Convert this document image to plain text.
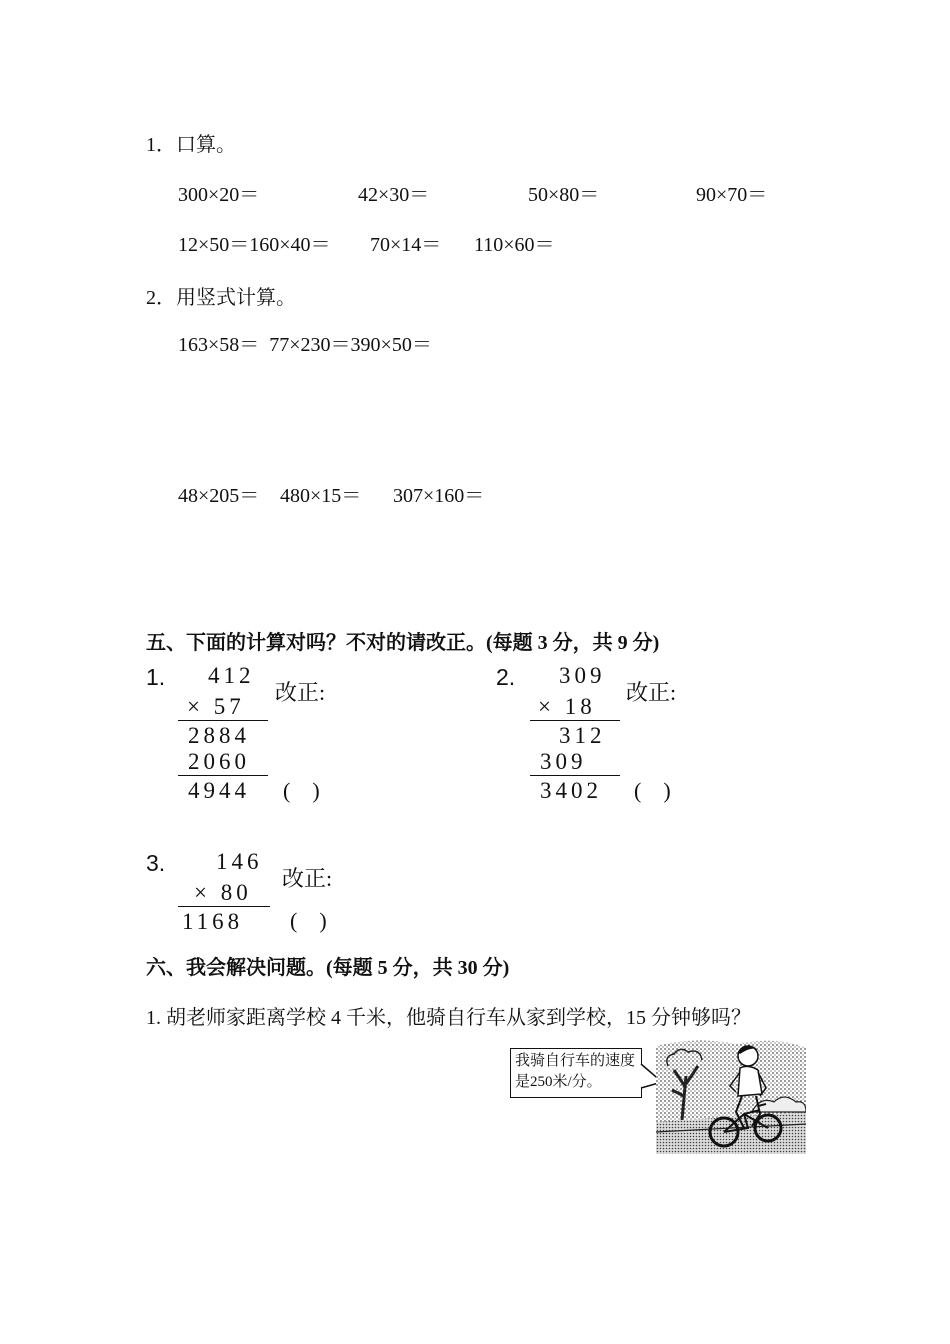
1．口算。
300×20＝	42×30＝	50×80＝	90×70＝
12×50＝160×40＝ 70×14＝ 110×60＝
2．用竖式计算。
163×58＝  77×230＝390×50＝
48×205＝ 480×15＝ 307×160＝
五、下面的计算对吗？不对的请改正。(每题 3 分，共 9 分)
1. 412
× 57
2884
2060
4944
改正:
(    )
2. 309
× 18
312
309
3402
改正:
(    )
3. 146
× 80
1168
改正:
(    )
六、我会解决问题。(每题 5 分，共 30 分)
1. 胡老师家距离学校 4 千米，他骑自行车从家到学校，15 分钟够吗？
我骑自行车的速度
是250米/分。
